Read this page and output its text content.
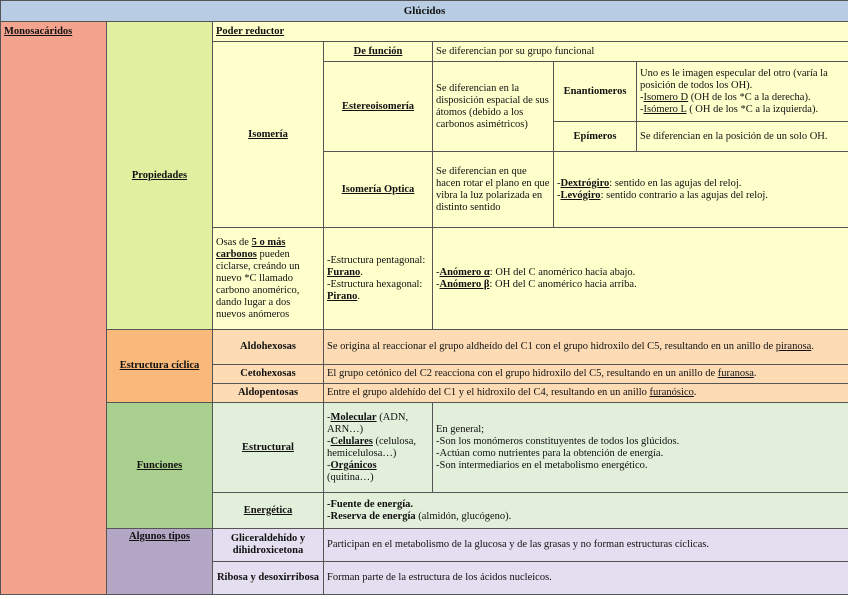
Glúcidos						
Monosacáridos	Propiedades	Poder reductor				
		Isomería	De función	Se diferencian por su grupo funcional		
			Estereoisomería	Se diferencian en la disposición espacial de sus átomos (debido a los carbonos asimétricos)	Enantiomeros	Uno es le imagen especular del otro (varía la posición de todos los OH).
-Isomero D (OH de los *C a la derecha).
-Isómero L ( OH de los *C a la izquierda).
					Epímeros	Se diferencian en la posición de un solo OH.
			Isomería Optica	Se diferencian en que hacen rotar el plano en que vibra la luz polarizada en distinto sentido	-Dextrógiro: sentido en las agujas del reloj.
-Levógiro: sentido contrario a las agujas del reloj.	
		Osas de 5 o más carbonos pueden ciclarse, creándo un nuevo *C llamado carbono anomérico, dando lugar a dos nuevos anómeros	-Estructura pentagonal: Furano.
-Estructura hexagonal: Pirano.	-Anómero α: OH del C anomérico hacia abajo.
-Anómero β: OH del C anomérico hacia arriba.		
	Estructura cíclica	Aldohexosas	Se origina al reaccionar el grupo aldheído del C1 con el grupo hidroxilo del C5, resultando en un anillo de piranosa.			
		Cetohexosas	El grupo cetónico del C2 reacciona con el grupo hidroxilo del C5, resultando en un anillo de furanosa.			
		Aldopentosas	Entre el grupo aldehído del C1 y el hidroxilo del C4, resultando en un anillo furanósico.			
	Funciones	Estructural	-Molecular (ADN, ARN…)
-Celulares (celulosa, hemicelulosa…)
-Orgánicos
(quitina…)	En general;
-Son los monómeros constituyentes de todos los glúcidos.
-Actúan como nutrientes para la obtención de energía.
-Son intermediarios en el metabolismo energético.		
		Energética	-Fuente de energía.
-Reserva de energía (almidón, glucógeno).			
	Algunos tipos	Gliceraldehído y dihidroxicetona	Participan en el metabolismo de la glucosa y de las grasas y no forman estructuras cíclicas.			
		Ribosa y desoxirribosa	Forman parte de la estructura de los ácidos nucleicos.			
